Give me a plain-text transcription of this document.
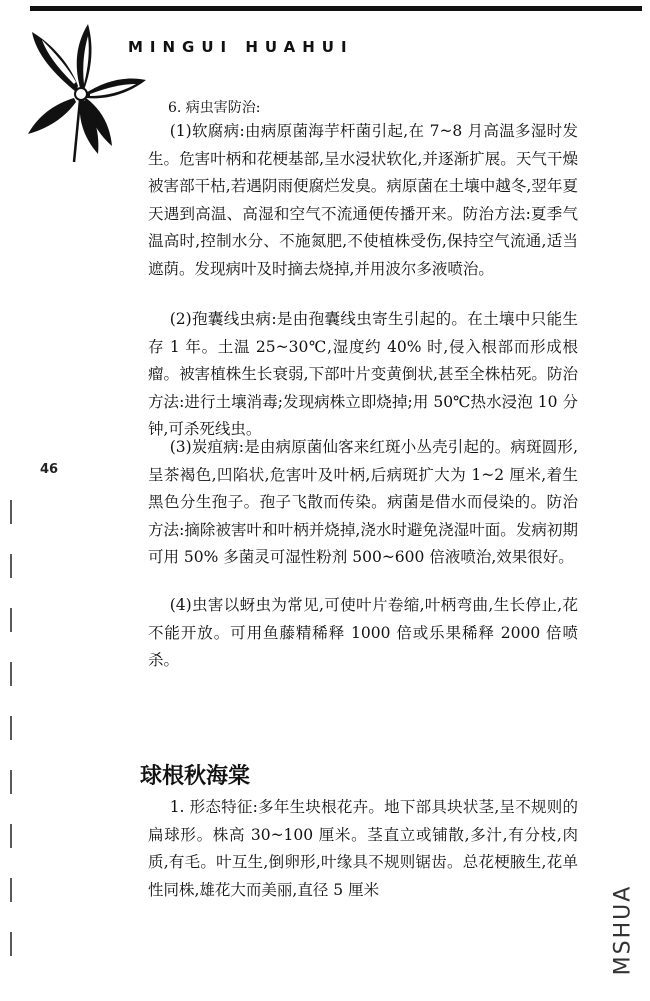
MINGUI HUAHUI
46
6. 病虫害防治:

(1)软腐病:由病原菌海芋杆菌引起,在 7~8 月高温多湿时发生。危害叶柄和花梗基部,呈水浸状软化,并逐渐扩展。天气干燥被害部干枯,若遇阴雨便腐烂发臭。病原菌在土壤中越冬,翌年夏天遇到高温、高湿和空气不流通便传播开来。防治方法:夏季气温高时,控制水分、不施氮肥,不使植株受伤,保持空气流通,适当遮荫。发现病叶及时摘去烧掉,并用波尔多液喷治。

(2)孢囊线虫病:是由孢囊线虫寄生引起的。在土壤中只能生存 1 年。土温 25~30℃,湿度约 40% 时,侵入根部而形成根瘤。被害植株生长衰弱,下部叶片变黄倒状,甚至全株枯死。防治方法:进行土壤消毒;发现病株立即烧掉;用 50℃热水浸泡 10 分钟,可杀死线虫。

(3)炭疽病:是由病原菌仙客来红斑小丛壳引起的。病斑圆形,呈茶褐色,凹陷状,危害叶及叶柄,后病斑扩大为 1~2 厘米,着生黑色分生孢子。孢子飞散而传染。病菌是借水而侵染的。防治方法:摘除被害叶和叶柄并烧掉,浇水时避免浇湿叶面。发病初期可用 50% 多菌灵可湿性粉剂 500~600 倍液喷治,效果很好。

(4)虫害以蚜虫为常见,可使叶片卷缩,叶柄弯曲,生长停止,花不能开放。可用鱼藤精稀释 1000 倍或乐果稀释 2000 倍喷杀。

球根秋海棠

1. 形态特征:多年生块根花卉。地下部具块状茎,呈不规则的扁球形。株高 30~100 厘米。茎直立或铺散,多汁,有分枝,肉质,有毛。叶互生,倒卵形,叶缘具不规则锯齿。总花梗腋生,花单性同株,雄花大而美丽,直径 5 厘米	MSHUA
